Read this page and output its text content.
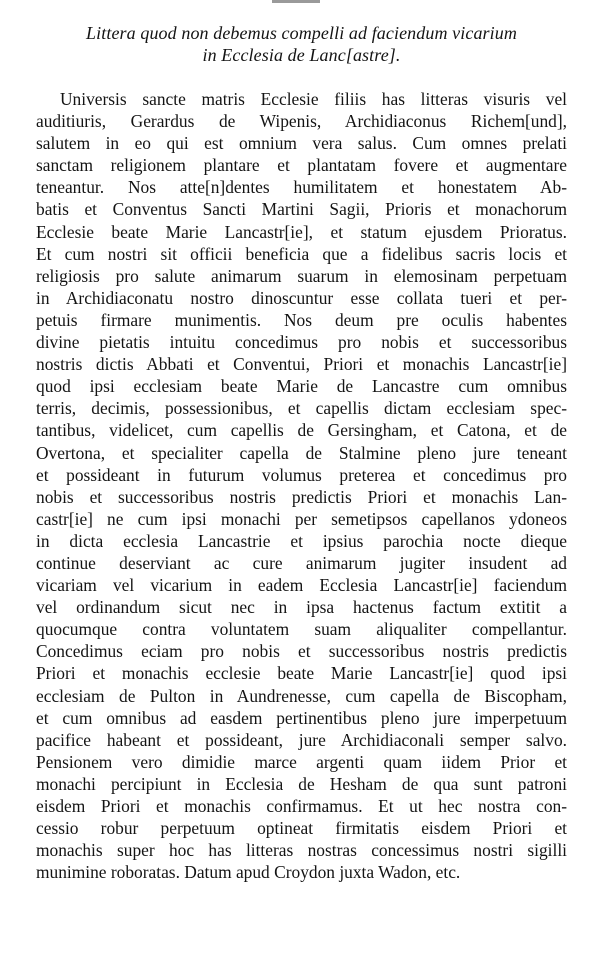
Littera quod non debemus compelli ad faciendum vicarium
in Ecclesia de Lanc[astre].

Universis sancte matris Ecclesie filiis has litteras visuris vel
auditiuris, Gerardus de Wipenis, Archidiaconus Richem[und],
salutem in eo qui est omnium vera salus. Cum omnes prelati
sanctam religionem plantare et plantatam fovere et augmentare
teneantur. Nos atte[n]dentes humilitatem et honestatem Ab-
batis et Conventus Sancti Martini Sagii, Prioris et monachorum
Ecclesie beate Marie Lancastr[ie], et statum ejusdem Prioratus.
Et cum nostri sit officii beneficia que a fidelibus sacris locis et
religiosis pro salute animarum suarum in elemosinam perpetuam
in Archidiaconatu nostro dinoscuntur esse collata tueri et per-
petuis firmare munimentis. Nos deum pre oculis habentes
divine pietatis intuitu concedimus pro nobis et successoribus
nostris dictis Abbati et Conventui, Priori et monachis Lancastr[ie]
quod ipsi ecclesiam beate Marie de Lancastre cum omnibus
terris, decimis, possessionibus, et capellis dictam ecclesiam spec-
tantibus, videlicet, cum capellis de Gersingham, et Catona, et de
Overtona, et specialiter capella de Stalmine pleno jure teneant
et possideant in futurum volumus preterea et concedimus pro
nobis et successoribus nostris predictis Priori et monachis Lan-
castr[ie] ne cum ipsi monachi per semetipsos capellanos ydoneos
in dicta ecclesia Lancastrie et ipsius parochia nocte dieque
continue deserviant ac cure animarum jugiter insudent ad
vicariam vel vicarium in eadem Ecclesia Lancastr[ie] faciendum
vel ordinandum sicut nec in ipsa hactenus factum extitit a
quocumque contra voluntatem suam aliqualiter compellantur.
Concedimus eciam pro nobis et successoribus nostris predictis
Priori et monachis ecclesie beate Marie Lancastr[ie] quod ipsi
ecclesiam de Pulton in Aundrenesse, cum capella de Biscopham,
et cum omnibus ad easdem pertinentibus pleno jure imperpetuum
pacifice habeant et possideant, jure Archidiaconali semper salvo.
Pensionem vero dimidie marce argenti quam iidem Prior et
monachi percipiunt in Ecclesia de Hesham de qua sunt patroni
eisdem Priori et monachis confirmamus. Et ut hec nostra con-
cessio robur perpetuum optineat firmitatis eisdem Priori et
monachis super hoc has litteras nostras concessimus nostri sigilli
munimine roboratas. Datum apud Croydon juxta Wadon, etc.
